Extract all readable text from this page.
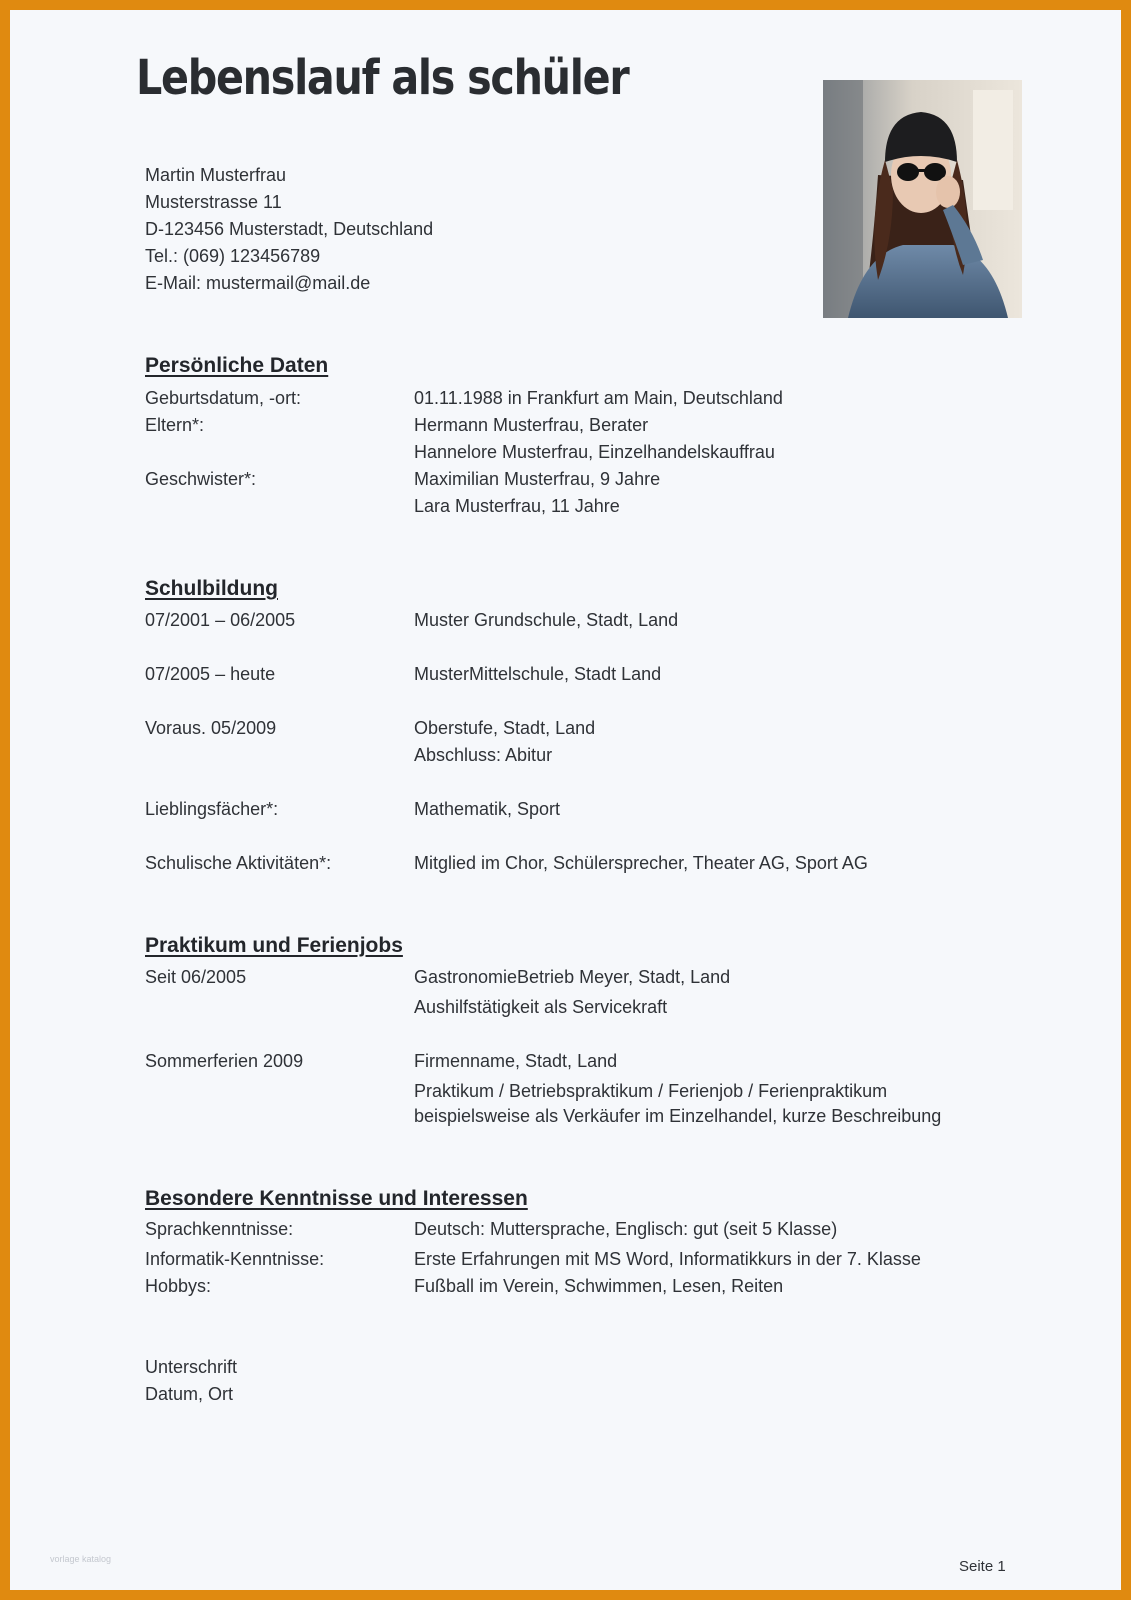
Lebenslauf als schüler
Martin Musterfrau
Musterstrasse 11
D-123456 Musterstadt, Deutschland
Tel.: (069) 123456789
E-Mail: mustermail@mail.de
Persönliche Daten
Geburtsdatum, -ort:	01.11.1988 in Frankfurt am Main, Deutschland
Eltern*:	Hermann Musterfrau, Berater
Hannelore Musterfrau, Einzelhandelskauffrau
Geschwister*:	Maximilian Musterfrau, 9 Jahre
Lara Musterfrau, 11 Jahre
Schulbildung
07/2001 – 06/2005	Muster Grundschule, Stadt, Land
07/2005 – heute	MusterMittelschule, Stadt Land
Voraus. 05/2009	Oberstufe, Stadt, Land
Abschluss: Abitur
Lieblingsfächer*:	Mathematik, Sport
Schulische Aktivitäten*:	Mitglied im Chor, Schülersprecher, Theater AG, Sport AG
Praktikum und Ferienjobs
Seit 06/2005	GastronomieBetrieb Meyer, Stadt, Land
Aushilfstätigkeit als Servicekraft
Sommerferien 2009	Firmenname, Stadt, Land
Praktikum / Betriebspraktikum / Ferienjob / Ferienpraktikum
beispielsweise als Verkäufer im Einzelhandel, kurze Beschreibung
Besondere Kenntnisse und Interessen
Sprachkenntnisse:	Deutsch: Muttersprache, Englisch: gut (seit 5 Klasse)
Informatik-Kenntnisse:	Erste Erfahrungen mit MS Word, Informatikkurs in der 7. Klasse
Hobbys:	Fußball im Verein, Schwimmen, Lesen, Reiten
Unterschrift
Datum, Ort
vorlage katalog	Seite 1
